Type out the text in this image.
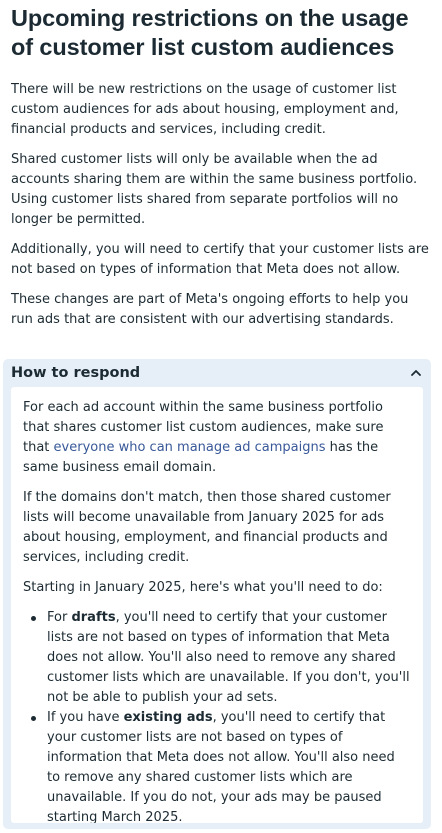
Upcoming restrictions on the usage of customer list custom audiences

There will be new restrictions on the usage of customer list custom audiences for ads about housing, employment and, financial products and services, including credit.

Shared customer lists will only be available when the ad accounts sharing them are within the same business portfolio. Using customer lists shared from separate portfolios will no longer be permitted.

Additionally, you will need to certify that your customer lists are not based on types of information that Meta does not allow.

These changes are part of Meta's ongoing efforts to help you run ads that are consistent with our advertising standards.

How to respond

For each ad account within the same business portfolio that shares customer list custom audiences, make sure that everyone who can manage ad campaigns has the same business email domain.

If the domains don't match, then those shared customer lists will become unavailable from January 2025 for ads about housing, employment, and financial products and services, including credit.

Starting in January 2025, here's what you'll need to do:

For drafts, you'll need to certify that your customer lists are not based on types of information that Meta does not allow. You'll also need to remove any shared customer lists which are unavailable. If you don't, you'll not be able to publish your ad sets.
If you have existing ads, you'll need to certify that your customer lists are not based on types of information that Meta does not allow. You'll also need to remove any shared customer lists which are unavailable. If you do not, your ads may be paused starting March 2025.
